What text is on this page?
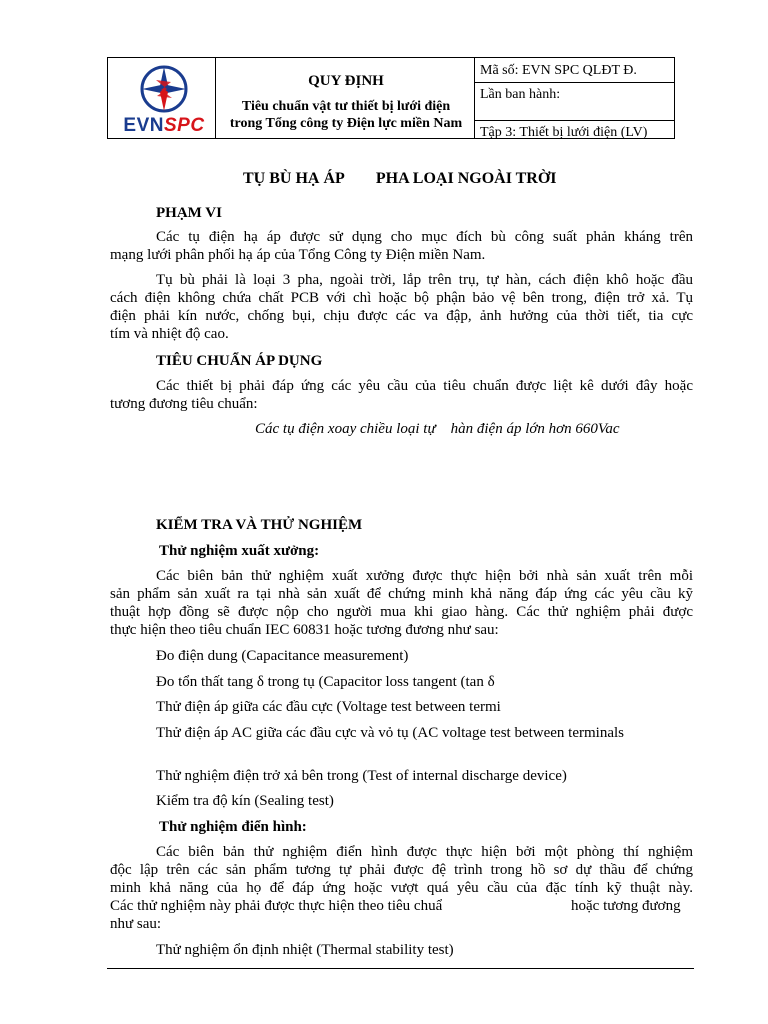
EVNSPC
QUY ĐỊNH
Tiêu chuẩn vật tư thiết bị lưới điện
trong Tổng công ty Điện lực miền Nam
Mã số: EVN SPC QLĐT Đ.
Lần ban hành:
Tập 3: Thiết bị lưới điện (LV)
TỤ BÙ HẠ ÁP        PHA LOẠI NGOÀI TRỜI
PHẠM VI
Các tụ điện hạ áp được sử dụng cho mục đích bù công suất phản kháng trên
mạng lưới phân phối hạ áp của Tổng Công ty Điện miền Nam.
Tụ bù phải là loại 3 pha, ngoài trời, lắp trên trụ, tự hàn, cách điện khô hoặc đầu
cách điện không chứa chất PCB với chì hoặc bộ phận bảo vệ bên trong, điện trở xả. Tụ
điện phải kín nước, chống bụi, chịu được các va đập, ảnh hưởng của thời tiết, tia cực
tím và nhiệt độ cao.
TIÊU CHUẨN ÁP DỤNG
Các thiết bị phải đáp ứng các yêu cầu của tiêu chuẩn được liệt kê dưới đây hoặc
tương đương tiêu chuẩn:
Các tụ điện xoay chiều loại tự    hàn điện áp lớn hơn 660Vac
KIỂM TRA VÀ THỬ NGHIỆM
Thử nghiệm xuất xưởng:
Các biên bản thử nghiệm xuất xưởng được thực hiện bởi nhà sản xuất trên mỗi
sản phẩm sản xuất ra tại nhà sản xuất để chứng minh khả năng đáp ứng các yêu cầu kỹ
thuật hợp đồng sẽ được nộp cho người mua khi giao hàng. Các thử nghiệm phải được
thực hiện theo tiêu chuẩn IEC 60831 hoặc tương đương như sau:
Đo điện dung (Capacitance measurement)
Đo tổn thất tang δ trong tụ (Capacitor loss tangent (tan δ
Thử điện áp giữa các đầu cực (Voltage test between termi
Thử điện áp AC giữa các đầu cực và vỏ tụ (AC voltage test between terminals
Thử nghiệm điện trở xả bên trong (Test of internal discharge device)
Kiểm tra độ kín (Sealing test)
Thử nghiệm điển hình:
Các biên bản thử nghiệm điển hình được thực hiện bởi một phòng thí nghiệm
độc lập trên các sản phẩm tương tự phải được đệ trình trong hồ sơ dự thầu để chứng
minh khả năng của họ để đáp ứng hoặc vượt quá yêu cầu của đặc tính kỹ thuật này.
Các thử nghiệm này phải được thực hiện theo tiêu chuẩ	hoặc tương đương
như sau:
Thử nghiệm ổn định nhiệt (Thermal stability test)
